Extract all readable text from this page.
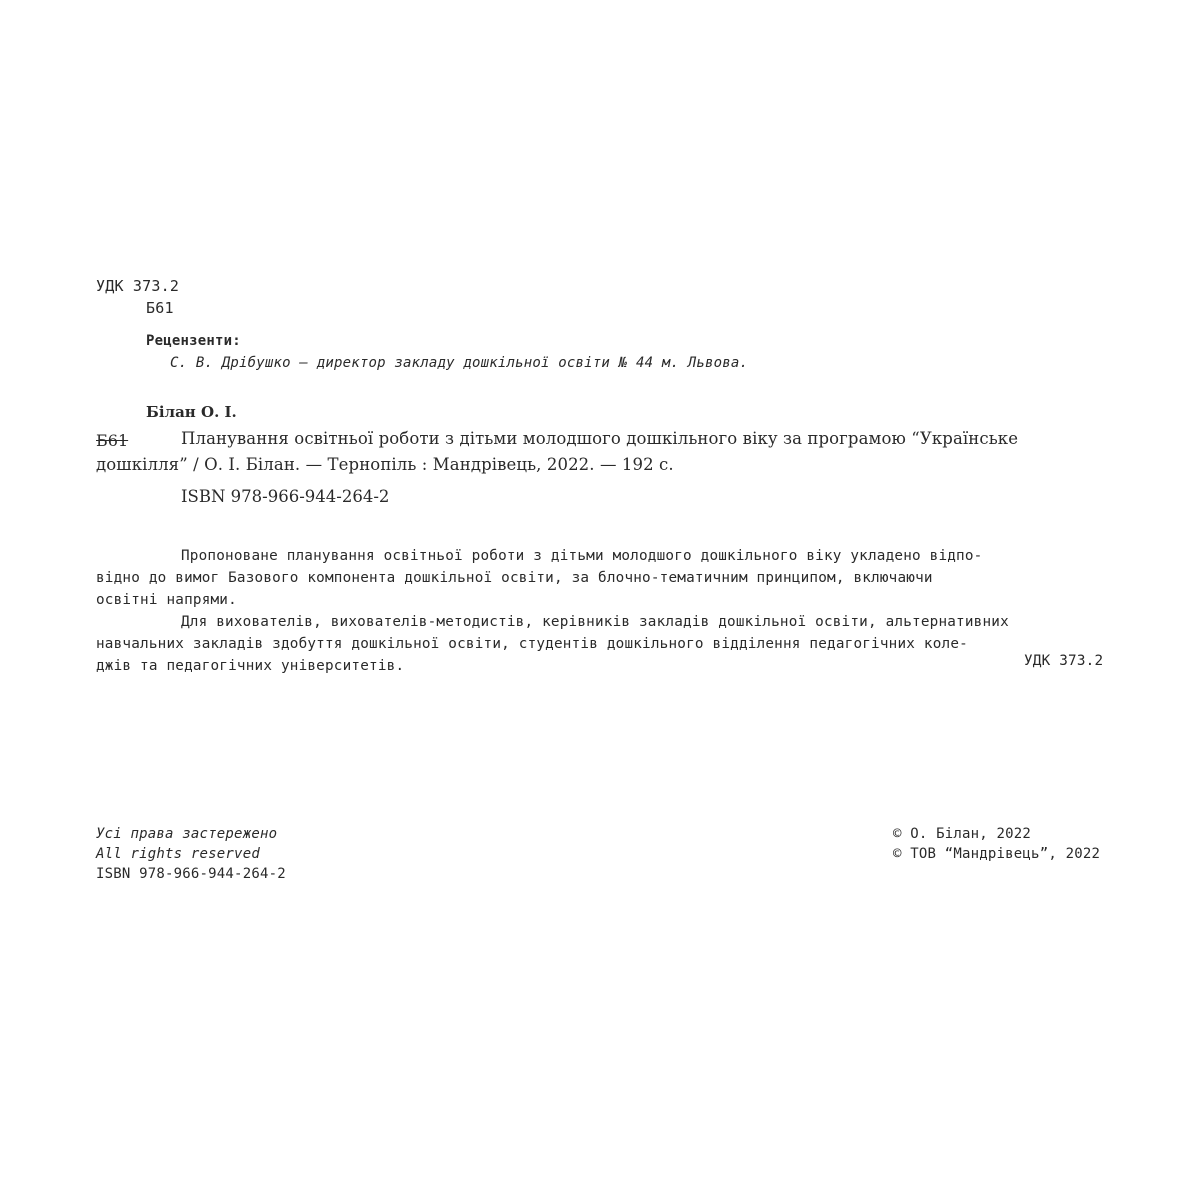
УДК 373.2
Б61
Рецензенти:
С. В. Дрібушко – директор закладу дошкільної освіти № 44 м. Львова.
Білан О. І.
Б61	Планування освітньої роботи з дітьми молодшого дошкільного віку за програмою “Українське
дошкілля” / О. І. Білан. — Тернопіль : Мандрівець, 2022. — 192 с.
ISBN 978-966-944-264-2
Пропоноване планування освітньої роботи з дітьми молодшого дошкільного віку укладено відпо-
відно до вимог Базового компонента дошкільної освіти, за блочно-тематичним принципом, включаючи
освітні напрями.
Для вихователів, вихователів-методистів, керівників закладів дошкільної освіти, альтернативних
навчальних закладів здобуття дошкільної освіти, студентів дошкільного відділення педагогічних коле-
джів та педагогічних університетів.	УДК 373.2
Усі права застережено
All rights reserved
ISBN 978-966-944-264-2
© О. Білан, 2022
© ТОВ “Мандрівець”, 2022
